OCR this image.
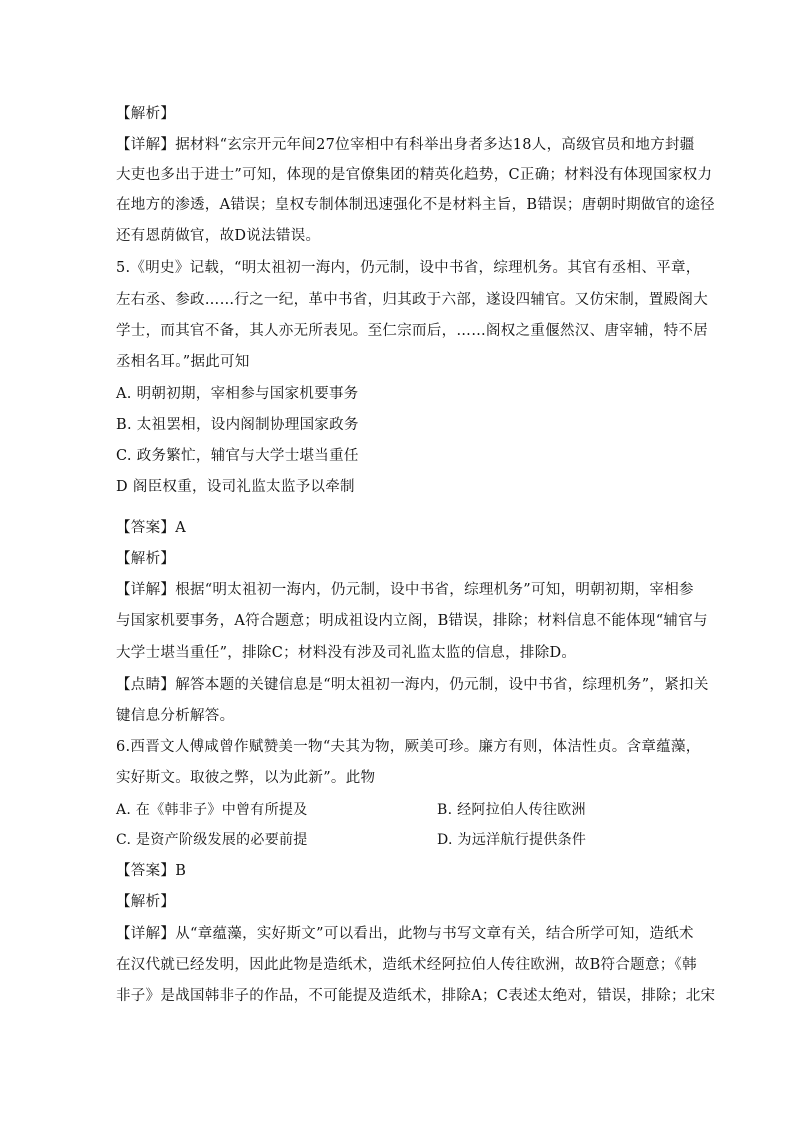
【解析】
【详解】据材料“玄宗开元年间27位宰相中有科举出身者多达18人，高级官员和地方封疆
大吏也多出于进士”可知，体现的是官僚集团的精英化趋势，C正确；材料没有体现国家权力
在地方的渗透，A错误；皇权专制体制迅速强化不是材料主旨，B错误；唐朝时期做官的途径
还有恩荫做官，故D说法错误。
5.《明史》记载，“明太祖初一海内，仍元制，设中书省，综理机务。其官有丞相、平章，
左右丞、参政……行之一纪，革中书省，归其政于六部，遂设四辅官。又仿宋制，置殿阁大
学士，而其官不备，其人亦无所表见。至仁宗而后，……阁权之重偃然汉、唐宰辅，特不居
丞相名耳。”据此可知
A. 明朝初期，宰相参与国家机要事务
B. 太祖罢相，设内阁制协理国家政务
C. 政务繁忙，辅官与大学士堪当重任
D 阁臣权重，设司礼监太监予以牵制
【答案】A
【解析】
【详解】根据“明太祖初一海内，仍元制，设中书省，综理机务”可知，明朝初期，宰相参
与国家机要事务，A符合题意；明成祖设内立阁，B错误，排除；材料信息不能体现“辅官与
大学士堪当重任”，排除C；材料没有涉及司礼监太监的信息，排除D。
【点睛】解答本题的关键信息是“明太祖初一海内，仍元制，设中书省，综理机务”，紧扣关
键信息分析解答。
6.西晋文人傅咸曾作赋赞美一物“夫其为物，厥美可珍。廉方有则，体洁性贞。含章蕴藻，
实好斯文。取彼之弊，以为此新”。此物
A. 在《韩非子》中曾有所提及	B. 经阿拉伯人传往欧洲
C. 是资产阶级发展的必要前提	D. 为远洋航行提供条件
【答案】B
【解析】
【详解】从“章蕴藻，实好斯文”可以看出，此物与书写文章有关，结合所学可知，造纸术
在汉代就已经发明，因此此物是造纸术，造纸术经阿拉伯人传往欧洲，故B符合题意；《韩
非子》是战国韩非子的作品，不可能提及造纸术，排除A；C表述太绝对，错误，排除；北宋
